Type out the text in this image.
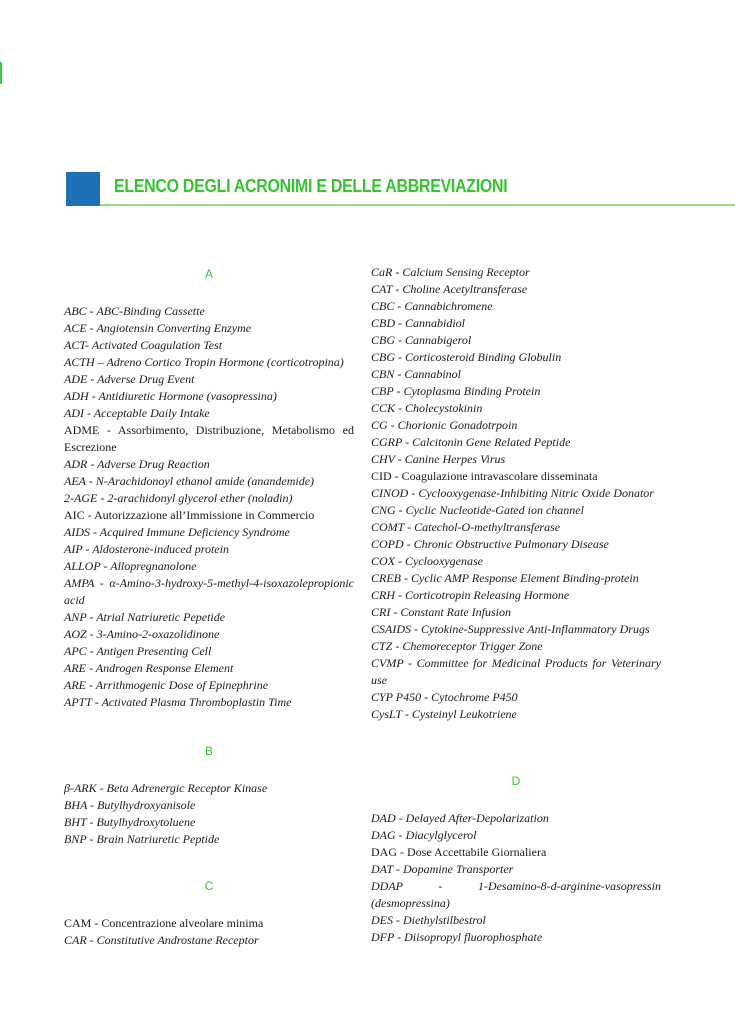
ELENCO DEGLI ACRONIMI E DELLE ABBREVIAZIONI
A
ABC - ABC-Binding Cassette
ACE - Angiotensin Converting Enzyme
ACT- Activated Coagulation Test
ACTH – Adreno Cortico Tropin Hormone (corticotropina)
ADE - Adverse Drug Event
ADH - Antidiuretic Hormone (vasopressina)
ADI - Acceptable Daily Intake
ADME - Assorbimento, Distribuzione, Metabolismo ed Escrezione
ADR - Adverse Drug Reaction
AEA - N-Arachidonoyl ethanol amide (anandemide)
2-AGE - 2-arachidonyl glycerol ether (noladin)
AIC - Autorizzazione all’Immissione in Commercio
AIDS - Acquired Immune Deficiency Syndrome
AIP - Aldosterone-induced protein
ALLOP - Allopregnanolone
AMPA - α-Amino-3-hydroxy-5-methyl-4-isoxazolepropionic acid
ANP - Atrial Natriuretic Pepetide
AOZ - 3-Amino-2-oxazolidinone
APC - Antigen Presenting Cell
ARE - Androgen Response Element
ARE - Arrithmogenic Dose of Epinephrine
APTT - Activated Plasma Thromboplastin Time
B
β-ARK - Beta Adrenergic Receptor Kinase
BHA - Butylhydroxyanisole
BHT - Butylhydroxytoluene
BNP - Brain Natriuretic Peptide
C
CAM - Concentrazione alveolare minima
CAR - Constitutive Androstane Receptor
CaR - Calcium Sensing Receptor
CAT - Choline Acetyltransferase
CBC - Cannabichromene
CBD - Cannabidiol
CBG - Cannabigerol
CBG - Corticosteroid Binding Globulin
CBN - Cannabinol
CBP - Cytoplasma Binding Protein
CCK - Cholecystokinin
CG - Chorionic Gonadotrpoin
CGRP - Calcitonin Gene Related Peptide
CHV - Canine Herpes Virus
CID - Coagulazione intravascolare disseminata
CINOD - Cyclooxygenase-Inhibiting Nitric Oxide Donator
CNG - Cyclic Nucleotide-Gated ion channel
COMT - Catechol-O-methyltransferase
COPD - Chronic Obstructive Pulmonary Disease
COX - Cyclooxygenase
CREB - Cyclic AMP Response Element Binding-protein
CRH - Corticotropin Releasing Hormone
CRI - Constant Rate Infusion
CSAIDS - Cytokine-Suppressive Anti-Inflammatory Drugs
CTZ - Chemoreceptor Trigger Zone
CVMP - Committee for Medicinal Products for Veterinary use
CYP P450 - Cytochrome P450
CysLT - Cysteinyl Leukotriene
D
DAD - Delayed After-Depolarization
DAG - Diacylglycerol
DAG - Dose Accettabile Giornaliera
DAT - Dopamine Transporter
DDAP - 1-Desamino-8-d-arginine-vasopressin (desmopressina)
DES - Diethylstilbestrol
DFP - Diisopropyl fluorophosphate
